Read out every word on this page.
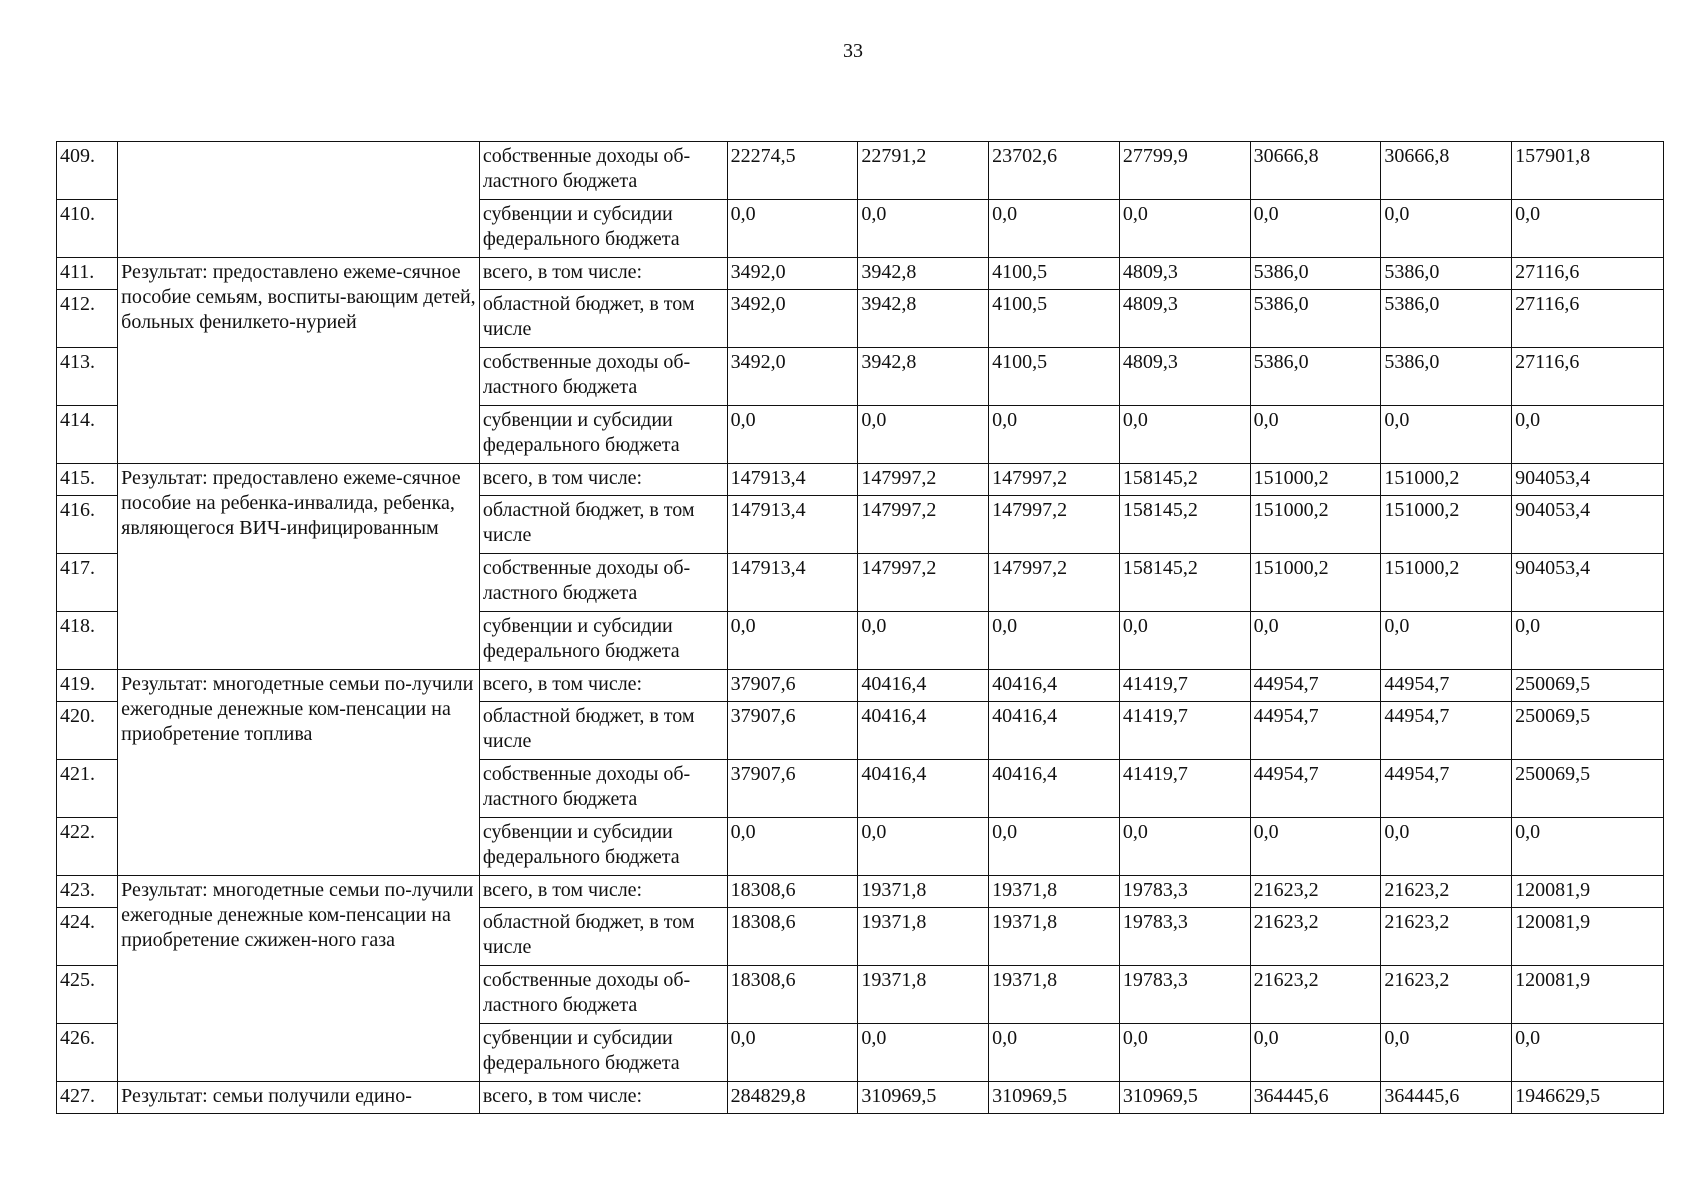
33
409.		собственные доходы об-ластного бюджета	22274,5	22791,2	23702,6	27799,9	30666,8	30666,8	157901,8
410.		субвенции и субсидии федерального бюджета	0,0	0,0	0,0	0,0	0,0	0,0	0,0
411.	Результат: предоставлено ежеме-сячное пособие семьям, воспиты-вающим детей, больных фенилкето-нурией	всего, в том числе:	3492,0	3942,8	4100,5	4809,3	5386,0	5386,0	27116,6
412.		областной бюджет, в том числе	3492,0	3942,8	4100,5	4809,3	5386,0	5386,0	27116,6
413.		собственные доходы об-ластного бюджета	3492,0	3942,8	4100,5	4809,3	5386,0	5386,0	27116,6
414.		субвенции и субсидии федерального бюджета	0,0	0,0	0,0	0,0	0,0	0,0	0,0
415.	Результат: предоставлено ежеме-сячное пособие на ребенка-инвалида, ребенка, являющегося ВИЧ-инфицированным	всего, в том числе:	147913,4	147997,2	147997,2	158145,2	151000,2	151000,2	904053,4
416.		областной бюджет, в том числе	147913,4	147997,2	147997,2	158145,2	151000,2	151000,2	904053,4
417.		собственные доходы об-ластного бюджета	147913,4	147997,2	147997,2	158145,2	151000,2	151000,2	904053,4
418.		субвенции и субсидии федерального бюджета	0,0	0,0	0,0	0,0	0,0	0,0	0,0
419.	Результат: многодетные семьи по-лучили ежегодные денежные ком-пенсации на приобретение топлива	всего, в том числе:	37907,6	40416,4	40416,4	41419,7	44954,7	44954,7	250069,5
420.		областной бюджет, в том числе	37907,6	40416,4	40416,4	41419,7	44954,7	44954,7	250069,5
421.		собственные доходы об-ластного бюджета	37907,6	40416,4	40416,4	41419,7	44954,7	44954,7	250069,5
422.		субвенции и субсидии федерального бюджета	0,0	0,0	0,0	0,0	0,0	0,0	0,0
423.	Результат: многодетные семьи по-лучили ежегодные денежные ком-пенсации на приобретение сжижен-ного газа	всего, в том числе:	18308,6	19371,8	19371,8	19783,3	21623,2	21623,2	120081,9
424.		областной бюджет, в том числе	18308,6	19371,8	19371,8	19783,3	21623,2	21623,2	120081,9
425.		собственные доходы об-ластного бюджета	18308,6	19371,8	19371,8	19783,3	21623,2	21623,2	120081,9
426.		субвенции и субсидии федерального бюджета	0,0	0,0	0,0	0,0	0,0	0,0	0,0
427.	Результат: семьи получили едино-	всего, в том числе:	284829,8	310969,5	310969,5	310969,5	364445,6	364445,6	1946629,5
